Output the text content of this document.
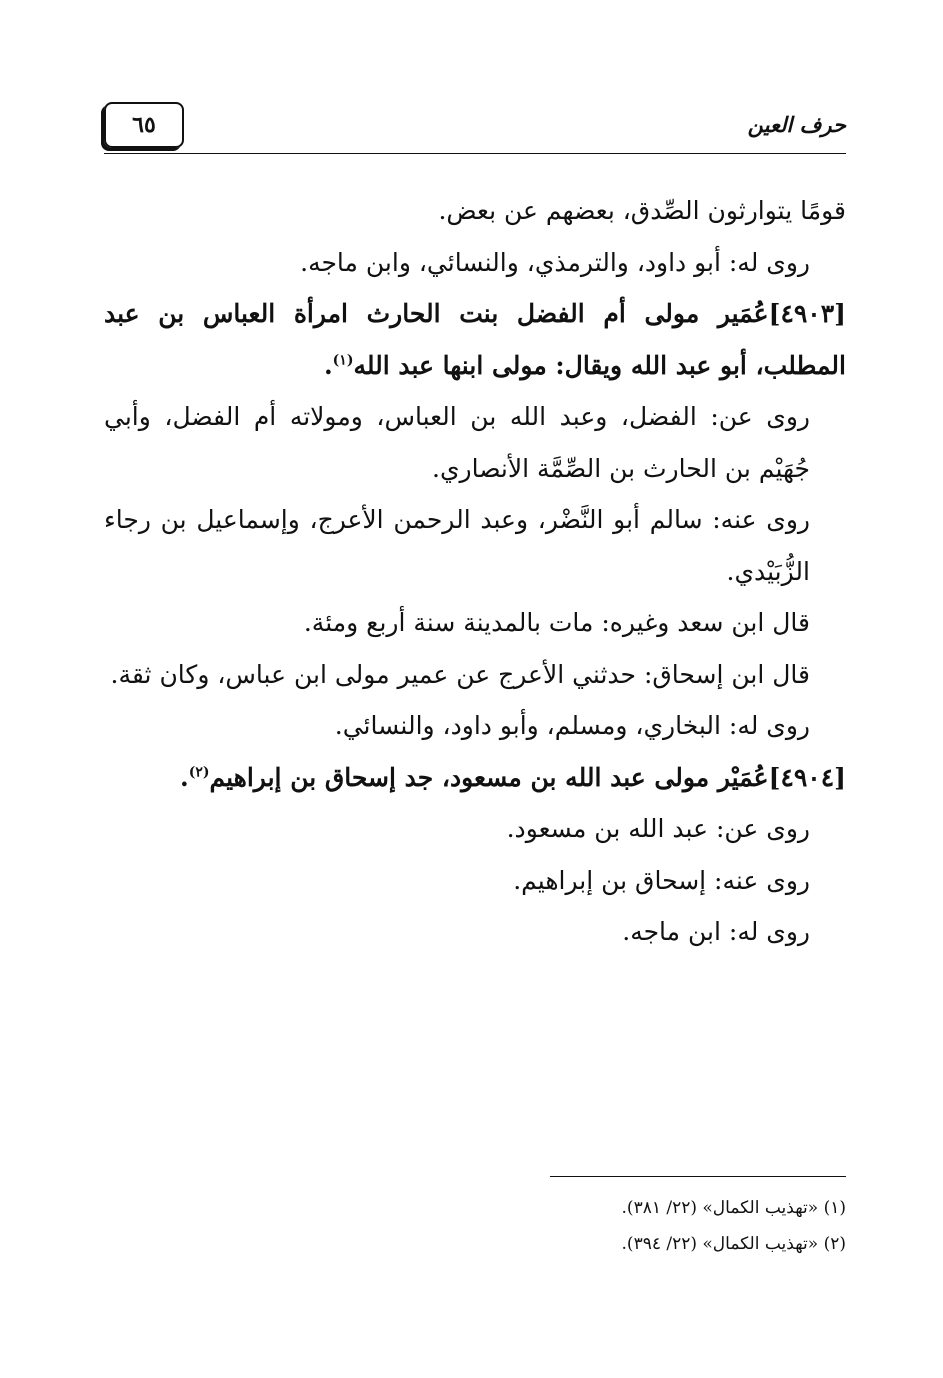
٦٥	حرف العين

قومًا يتوارثون الصِّدق، بعضهم عن بعض.

روى له: أبو داود، والترمذي، والنسائي، وابن ماجه.

[٤٩٠٣]عُمَير مولى أم الفضل بنت الحارث امرأة العباس بن عبد المطلب، أبو عبد الله ويقال: مولى ابنها عبد الله$^{(١)}$.

روى عن: الفضل، وعبد الله بن العباس، ومولاته أم الفضل، وأبي جُهَيْم بن الحارث بن الصِّمَّة الأنصاري.

روى عنه: سالم أبو النَّضْر، وعبد الرحمن الأعرج، وإسماعيل بن رجاء الزُّبَيْدي.

قال ابن سعد وغيره: مات بالمدينة سنة أربع ومئة.

قال ابن إسحاق: حدثني الأعرج عن عمير مولى ابن عباس، وكان ثقة.

روى له: البخاري، ومسلم، وأبو داود، والنسائي.

[٤٩٠٤]عُمَيْر مولى عبد الله بن مسعود، جد إسحاق بن إبراهيم$^{(٢)}$.

روى عن: عبد الله بن مسعود.

روى عنه: إسحاق بن إبراهيم.

روى له: ابن ماجه.

(١) «تهذيب الكمال» (٢٢/ ٣٨١).

(٢) «تهذيب الكمال» (٢٢/ ٣٩٤).
